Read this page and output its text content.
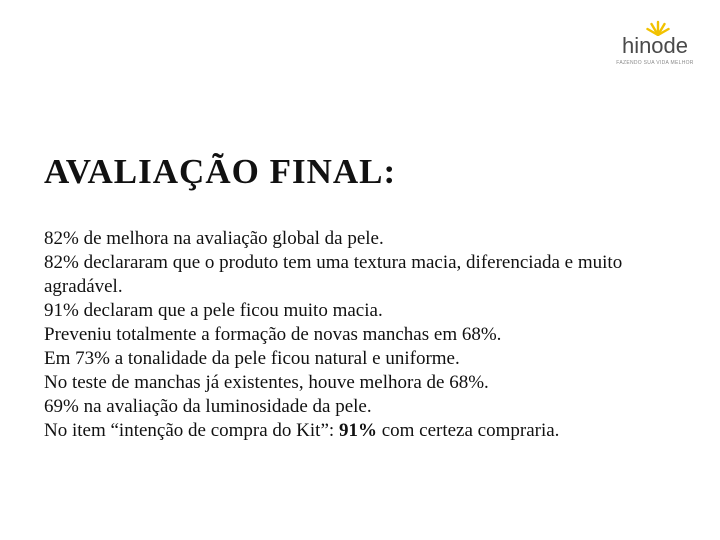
hinode
FAZENDO SUA VIDA MELHOR
AVALIAÇÃO FINAL:
82% de melhora na avaliação global da pele.
82% declararam que o produto tem uma textura macia, diferenciada e muito agradável.
91% declaram que a pele ficou muito macia.
Preveniu totalmente a formação de novas manchas em 68%.
Em 73% a tonalidade da pele ficou natural e uniforme.
No teste de manchas já existentes, houve melhora de 68%.
69% na avaliação da luminosidade da pele.
No item “intenção de compra do Kit”: 91% com certeza compraria.
